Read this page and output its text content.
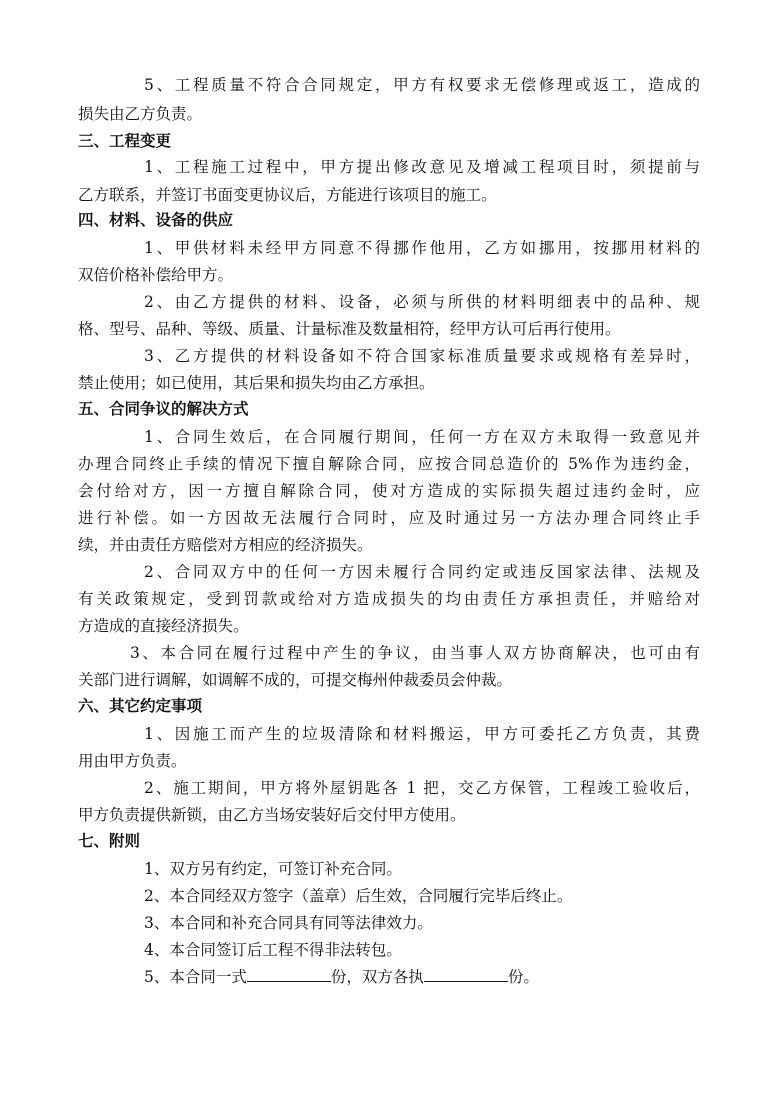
5、工程质量不符合合同规定，甲方有权要求无偿修理或返工，造成的
损失由乙方负责。
三、工程变更
1、工程施工过程中，甲方提出修改意见及增减工程项目时，须提前与
乙方联系，并签订书面变更协议后，方能进行该项目的施工。
四、材料、设备的供应
1、甲供材料未经甲方同意不得挪作他用，乙方如挪用，按挪用材料的
双倍价格补偿给甲方。
2、由乙方提供的材料、设备，必须与所供的材料明细表中的品种、规
格、型号、品种、等级、质量、计量标准及数量相符，经甲方认可后再行使用。
3、乙方提供的材料设备如不符合国家标准质量要求或规格有差异时，
禁止使用；如已使用，其后果和损失均由乙方承担。
五、合同争议的解决方式
1、合同生效后，在合同履行期间，任何一方在双方未取得一致意见并
办理合同终止手续的情况下擅自解除合同，应按合同总造价的 5%作为违约金，
会付给对方，因一方擅自解除合同，使对方造成的实际损失超过违约金时，应
进行补偿。如一方因故无法履行合同时，应及时通过另一方法办理合同终止手
续，并由责任方赔偿对方相应的经济损失。
2、合同双方中的任何一方因未履行合同约定或违反国家法律、法规及
有关政策规定，受到罚款或给对方造成损失的均由责任方承担责任，并赔给对
方造成的直接经济损失。
3、本合同在履行过程中产生的争议，由当事人双方协商解决，也可由有
关部门进行调解，如调解不成的，可提交梅州仲裁委员会仲裁。
六、其它约定事项
1、因施工而产生的垃圾清除和材料搬运，甲方可委托乙方负责，其费
用由甲方负责。
2、施工期间，甲方将外屋钥匙各 1 把，交乙方保管，工程竣工验收后，
甲方负责提供新锁，由乙方当场安装好后交付甲方使用。
七、附则
1、双方另有约定，可签订补充合同。
2、本合同经双方签字（盖章）后生效，合同履行完毕后终止。
3、本合同和补充合同具有同等法律效力。
4、本合同签订后工程不得非法转包。
5、本合同一式	份，双方各执	份。
